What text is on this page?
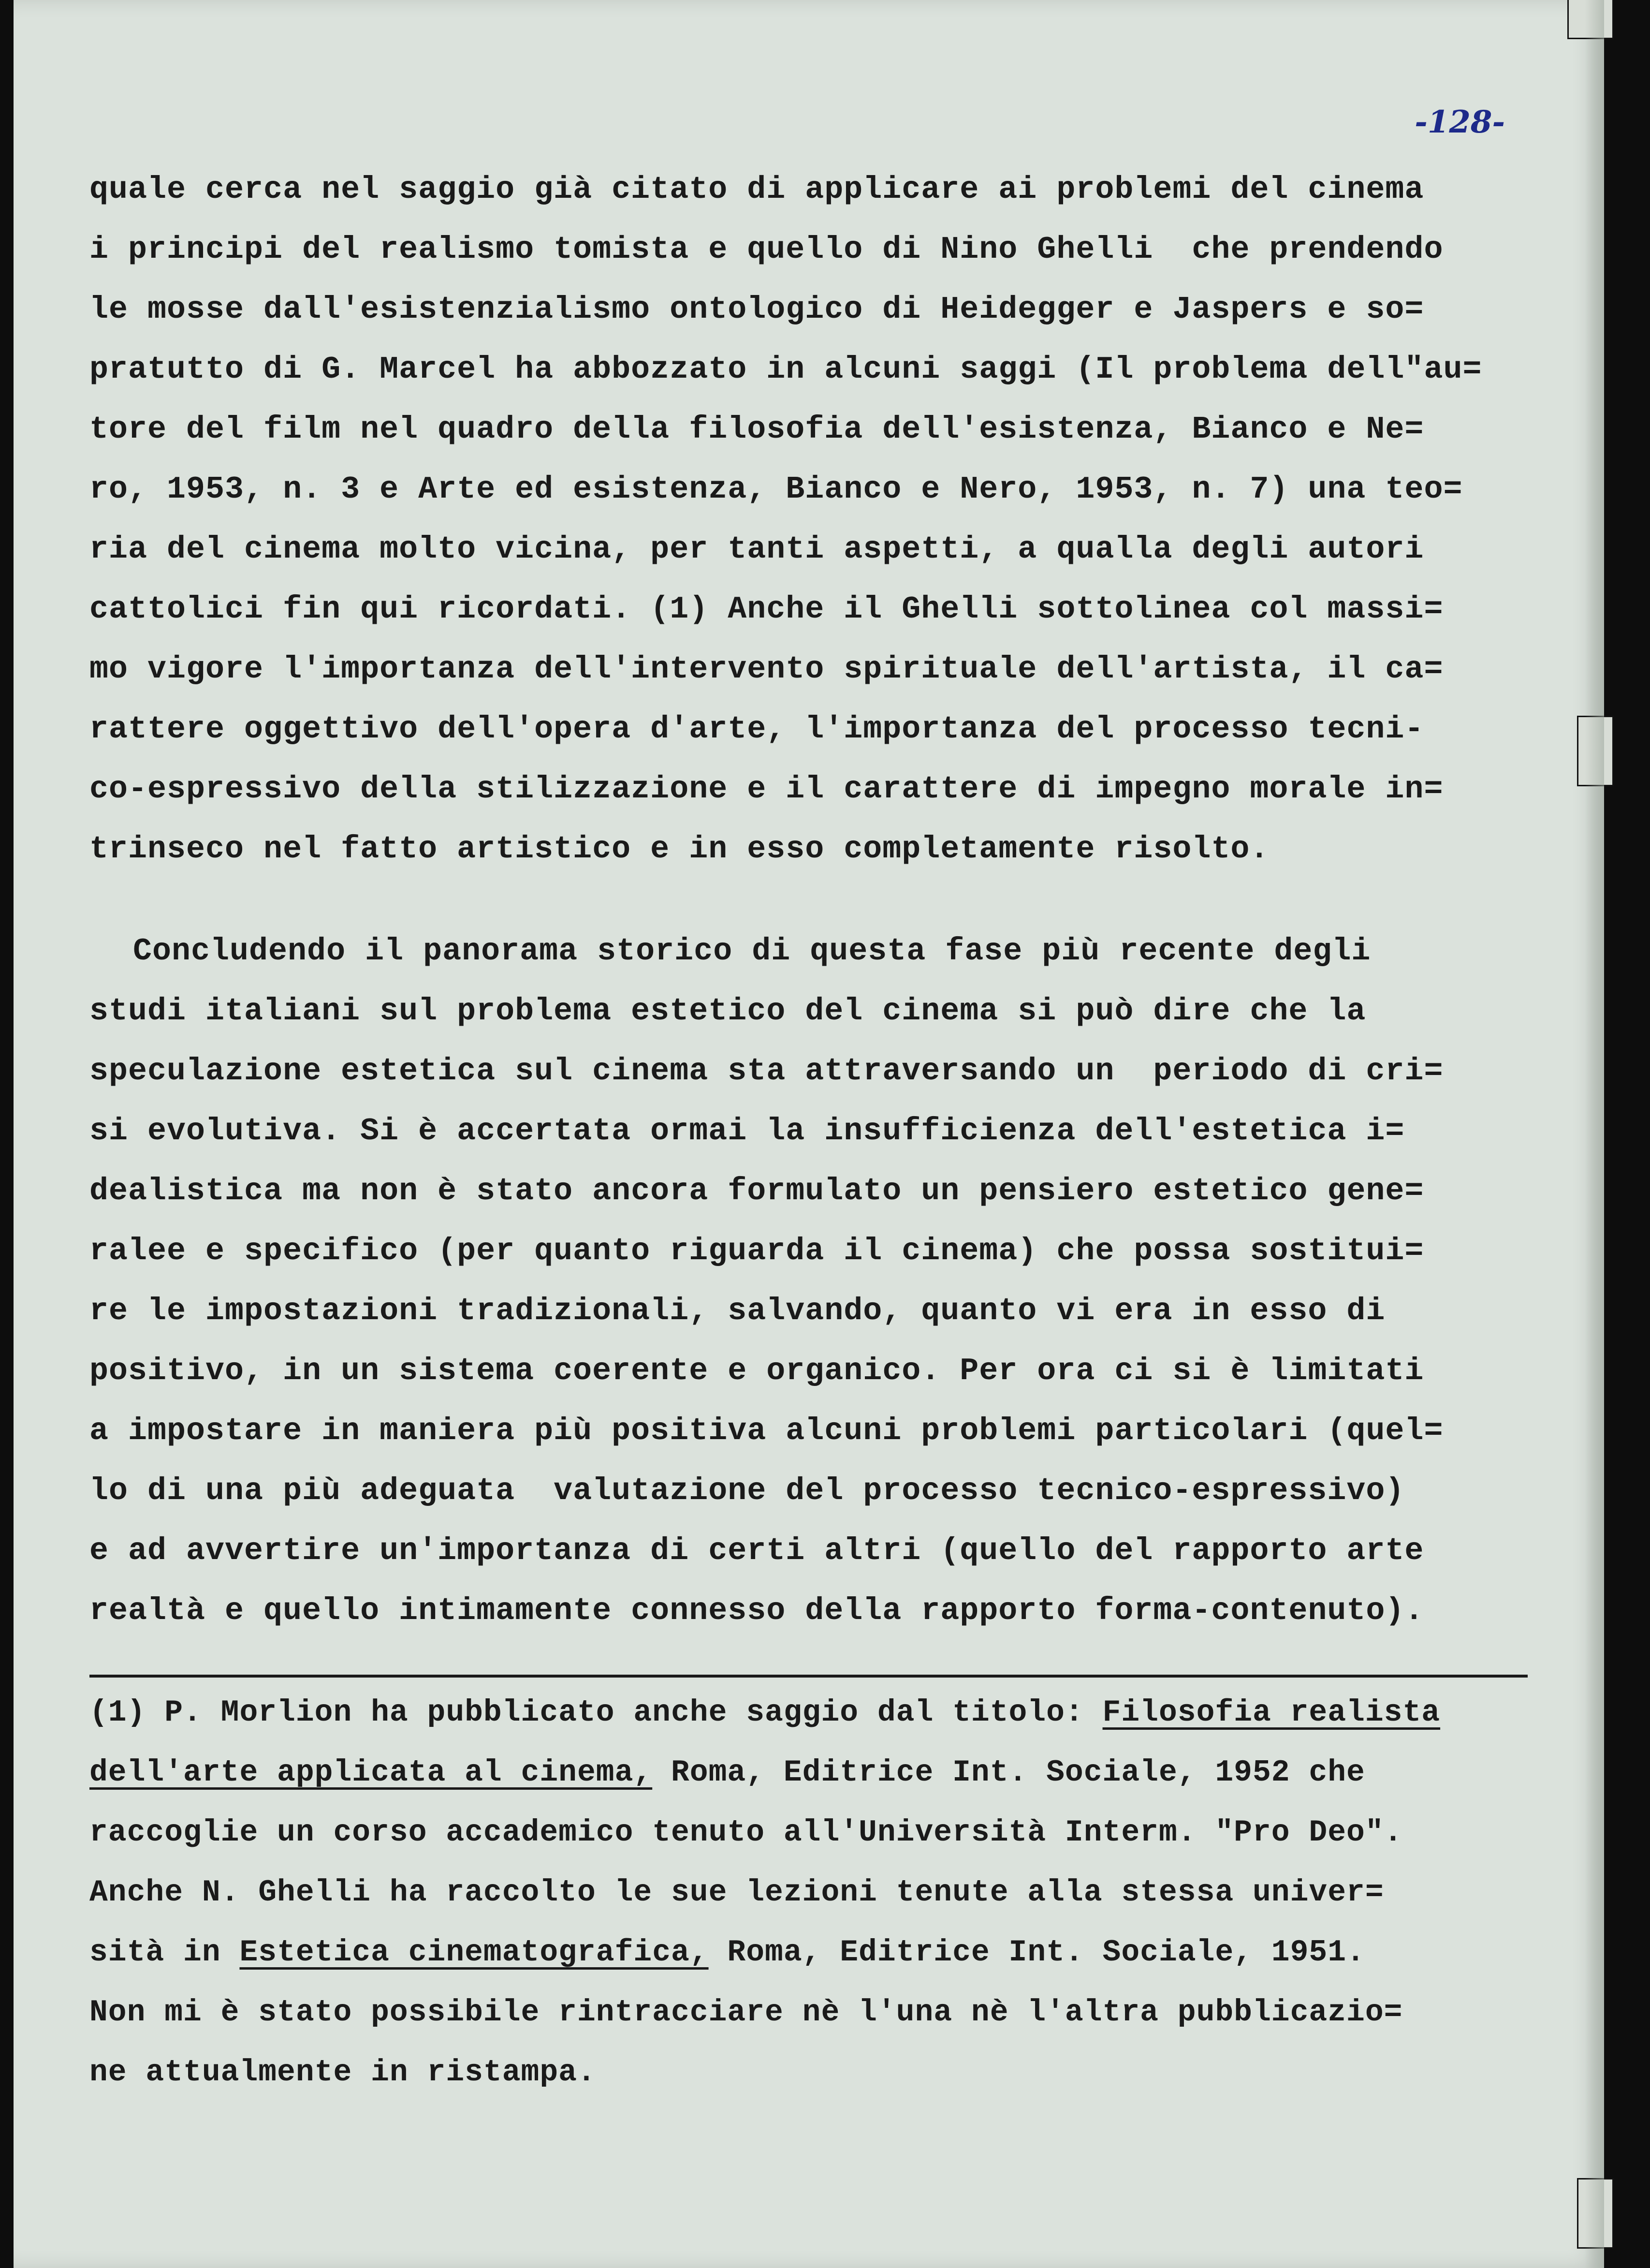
-128-
quale cerca nel saggio già citato di applicare ai problemi del cinema
i principi del realismo tomista e quello di Nino Ghelli  che prendendo
le mosse dall'esistenzialismo ontologico di Heidegger e Jaspers e so=
pratutto di G. Marcel ha abbozzato in alcuni saggi (Il problema dell"au=
tore del film nel quadro della filosofia dell'esistenza, Bianco e Ne=
ro, 1953, n. 3 e Arte ed esistenza, Bianco e Nero, 1953, n. 7) una teo=
ria del cinema molto vicina, per tanti aspetti, a qualla degli autori
cattolici fin qui ricordati. (1) Anche il Ghelli sottolinea col massi=
mo vigore l'importanza dell'intervento spirituale dell'artista, il ca=
rattere oggettivo dell'opera d'arte, l'importanza del processo tecni-
co-espressivo della stilizzazione e il carattere di impegno morale in=
trinseco nel fatto artistico e in esso completamente risolto.
Concludendo il panorama storico di questa fase più recente degli
studi italiani sul problema estetico del cinema si può dire che la
speculazione estetica sul cinema sta attraversando un  periodo di cri=
si evolutiva. Si è accertata ormai la insufficienza dell'estetica i=
dealistica ma non è stato ancora formulato un pensiero estetico gene=
ralee e specifico (per quanto riguarda il cinema) che possa sostitui=
re le impostazioni tradizionali, salvando, quanto vi era in esso di
positivo, in un sistema coerente e organico. Per ora ci si è limitati
a impostare in maniera più positiva alcuni problemi particolari (quel=
lo di una più adeguata  valutazione del processo tecnico-espressivo)
e ad avvertire un'importanza di certi altri (quello del rapporto arte
realtà e quello intimamente connesso della rapporto forma-contenuto).
(1) P. Morlion ha pubblicato anche saggio dal titolo: Filosofia realista
dell'arte applicata al cinema, Roma, Editrice Int. Sociale, 1952 che
raccoglie un corso accademico tenuto all'Università Interm. "Pro Deo".
Anche N. Ghelli ha raccolto le sue lezioni tenute alla stessa univer=
sità in Estetica cinematografica, Roma, Editrice Int. Sociale, 1951.
Non mi è stato possibile rintracciare nè l'una nè l'altra pubblicazio=
ne attualmente in ristampa.
